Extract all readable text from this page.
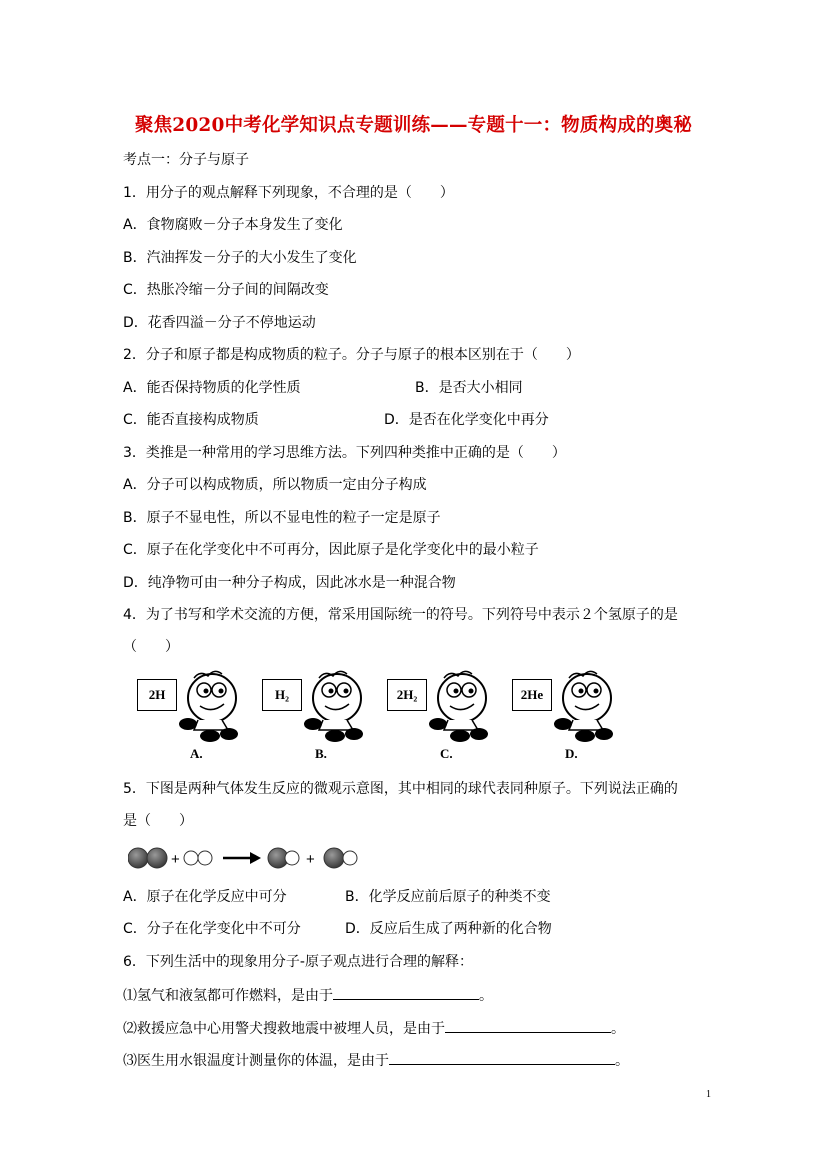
聚焦2020中考化学知识点专题训练——专题十一：物质构成的奥秘
考点一：分子与原子
1．用分子的观点解释下列现象，不合理的是（　　）
A．食物腐败－分子本身发生了变化
B．汽油挥发－分子的大小发生了变化
C．热胀冷缩－分子间的间隔改变
D．花香四溢－分子不停地运动
2．分子和原子都是构成物质的粒子。分子与原子的根本区别在于（　　）
A．能否保持物质的化学性质	B．是否大小相同
C．能否直接构成物质	D．是否在化学变化中再分
3．类推是一种常用的学习思维方法。下列四种类推中正确的是（　　）
A．分子可以构成物质，所以物质一定由分子构成
B．原子不显电性，所以不显电性的粒子一定是原子
C．原子在化学变化中不可再分，因此原子是化学变化中的最小粒子
D．纯净物可由一种分子构成，因此冰水是一种混合物
4．为了书写和学术交流的方便，常采用国际统一的符号。下列符号中表示２个氢原子的是
（　　）
2H
A.
H₂
B.
2H₂
C.
2He
D.
5．下图是两种气体发生反应的微观示意图，其中相同的球代表同种原子。下列说法正确的
是（　　）
+	+
A．原子在化学反应中可分	B．化学反应前后原子的种类不变
C．分子在化学变化中不可分	D．反应后生成了两种新的化合物
6．下列生活中的现象用分子-原子观点进行合理的解释：
⑴氢气和液氢都可作燃料，是由于	。
⑵救援应急中心用警犬搜救地震中被埋人员，是由于	。
⑶医生用水银温度计测量你的体温，是由于	。
1
